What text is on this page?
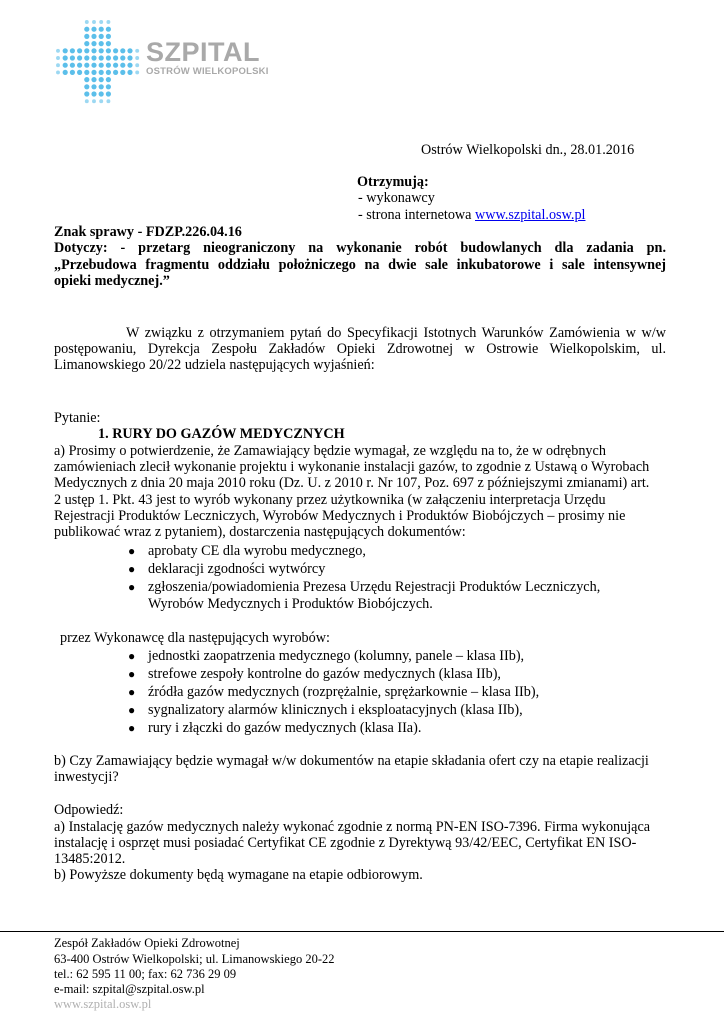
SZPITAL
OSTRÓW WIELKOPOLSKI
Ostrów Wielkopolski dn., 28.01.2016
Otrzymują:
- wykonawcy
- strona internetowa www.szpital.osw.pl
Znak sprawy - FDZP.226.04.16
Dotyczy: - przetarg nieograniczony na wykonanie robót budowlanych dla zadania pn.
„Przebudowa fragmentu oddziału położniczego na dwie sale inkubatorowe i sale intensywnej
opieki medycznej.”
W związku z otrzymaniem pytań do Specyfikacji Istotnych Warunków Zamówienia w w/w
postępowaniu, Dyrekcja Zespołu Zakładów Opieki Zdrowotnej w Ostrowie Wielkopolskim, ul.
Limanowskiego 20/22 udziela następujących wyjaśnień:
Pytanie:
1. RURY DO GAZÓW MEDYCZNYCH
a) Prosimy o potwierdzenie, że Zamawiający będzie wymagał, ze względu na to, że w odrębnych
zamówieniach zlecił wykonanie projektu i wykonanie instalacji gazów, to zgodnie z Ustawą o Wyrobach
Medycznych z dnia 20 maja 2010 roku (Dz. U. z 2010 r. Nr 107, Poz. 697 z późniejszymi zmianami) art.
2 ustęp 1. Pkt. 43 jest to wyrób wykonany przez użytkownika (w załączeniu interpretacja Urzędu
Rejestracji Produktów Leczniczych, Wyrobów Medycznych i Produktów Biobójczych – prosimy nie
publikować wraz z pytaniem), dostarczenia następujących dokumentów:
● aprobaty CE dla wyrobu medycznego,
● deklaracji zgodności wytwórcy
● zgłoszenia/powiadomienia Prezesa Urzędu Rejestracji Produktów Leczniczych,
Wyrobów Medycznych i Produktów Biobójczych.
przez Wykonawcę dla następujących wyrobów:
● jednostki zaopatrzenia medycznego (kolumny, panele – klasa IIb),
● strefowe zespoły kontrolne do gazów medycznych (klasa IIb),
● źródła gazów medycznych (rozprężalnie, sprężarkownie – klasa IIb),
● sygnalizatory alarmów klinicznych i eksploatacyjnych (klasa IIb),
● rury i złączki do gazów medycznych (klasa IIa).
b) Czy Zamawiający będzie wymagał w/w dokumentów na etapie składania ofert czy na etapie realizacji
inwestycji?
Odpowiedź:
a) Instalację gazów medycznych należy wykonać zgodnie z normą PN-EN ISO-7396. Firma wykonująca
instalację i osprzęt musi posiadać Certyfikat CE zgodnie z Dyrektywą 93/42/EEC, Certyfikat EN ISO-
13485:2012.
b) Powyższe dokumenty będą wymagane na etapie odbiorowym.
Zespół Zakładów Opieki Zdrowotnej
63-400 Ostrów Wielkopolski; ul. Limanowskiego 20-22
tel.: 62 595 11 00; fax: 62 736 29 09
e-mail: szpital@szpital.osw.pl
www.szpital.osw.pl
